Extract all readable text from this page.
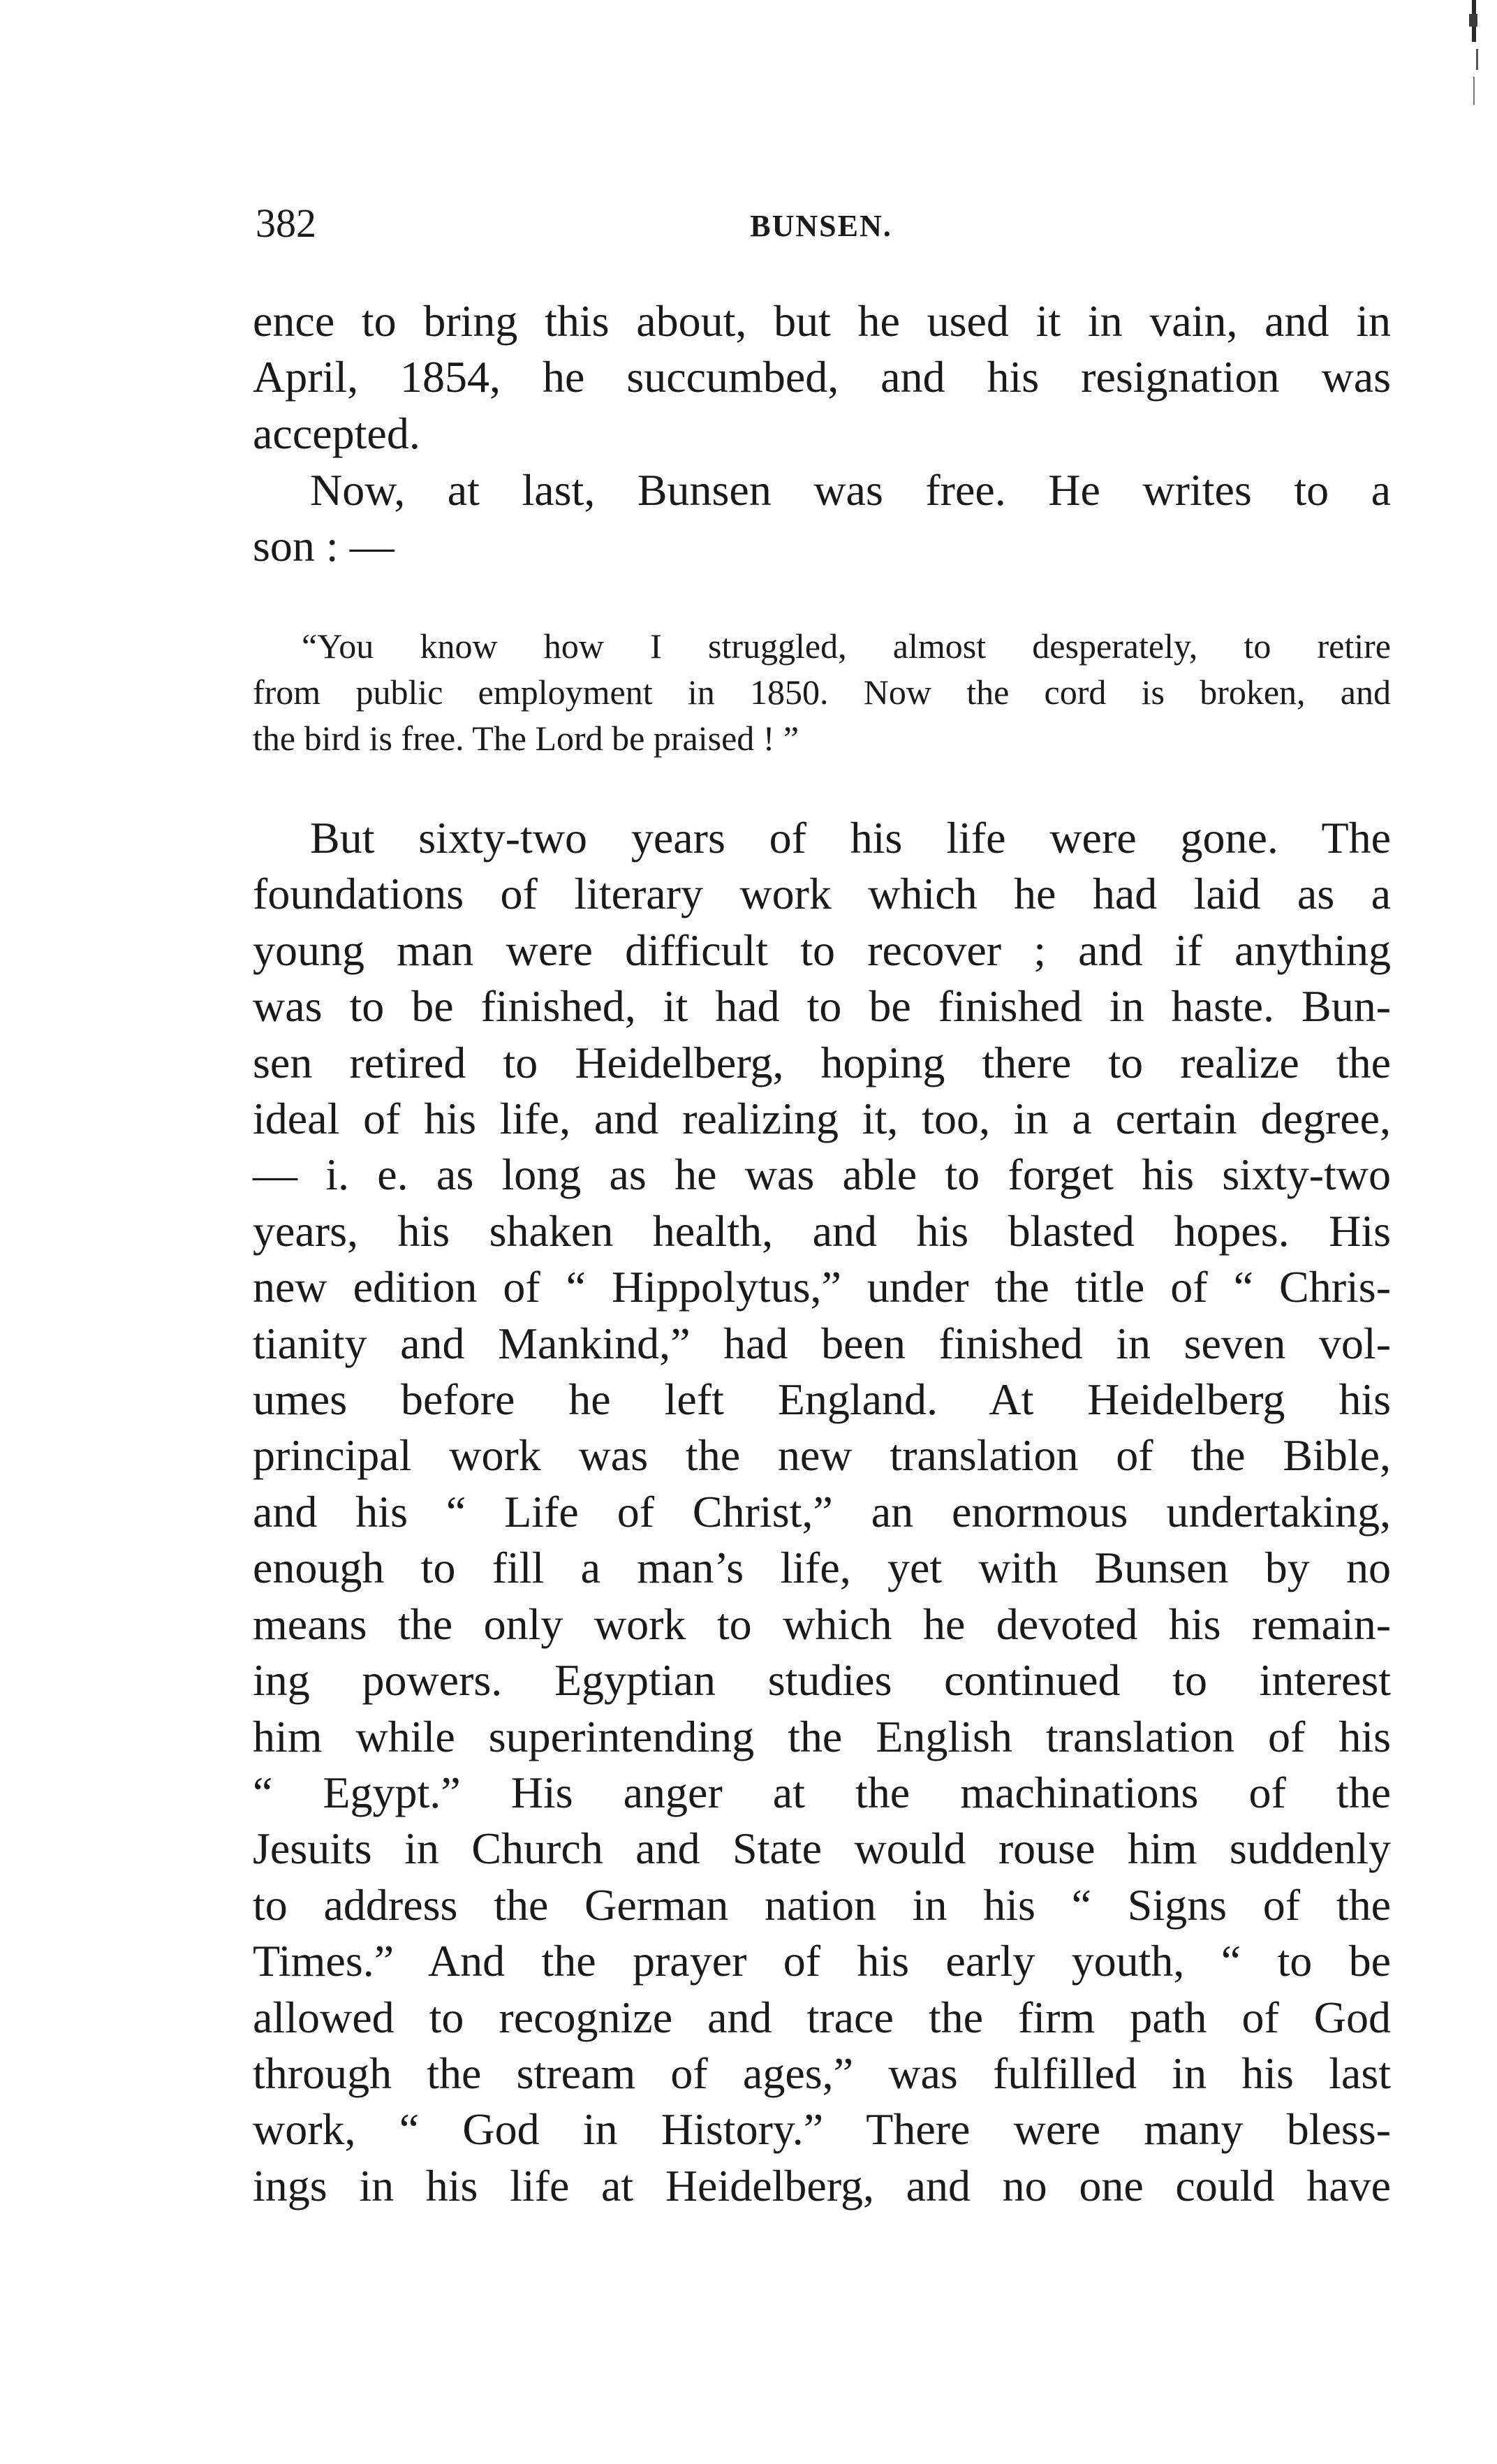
382	BUNSEN.
ence to bring this about, but he used it in vain, and in
April, 1854, he succumbed, and his resignation was
accepted.
Now, at last, Bunsen was free. He writes to a
son : —
“You know how I struggled, almost desperately, to retire
from public employment in 1850. Now the cord is broken, and
the bird is free. The Lord be praised ! ”
But sixty-two years of his life were gone. The
foundations of literary work which he had laid as a
young man were difficult to recover ; and if anything
was to be finished, it had to be finished in haste. Bun-
sen retired to Heidelberg, hoping there to realize the
ideal of his life, and realizing it, too, in a certain degree,
— i. e. as long as he was able to forget his sixty-two
years, his shaken health, and his blasted hopes. His
new edition of “ Hippolytus,” under the title of “ Chris-
tianity and Mankind,” had been finished in seven vol-
umes before he left England. At Heidelberg his
principal work was the new translation of the Bible,
and his “ Life of Christ,” an enormous undertaking,
enough to fill a man’s life, yet with Bunsen by no
means the only work to which he devoted his remain-
ing powers. Egyptian studies continued to interest
him while superintending the English translation of his
“ Egypt.” His anger at the machinations of the
Jesuits in Church and State would rouse him suddenly
to address the German nation in his “ Signs of the
Times.” And the prayer of his early youth, “ to be
allowed to recognize and trace the firm path of God
through the stream of ages,” was fulfilled in his last
work, “ God in History.” There were many bless-
ings in his life at Heidelberg, and no one could have
